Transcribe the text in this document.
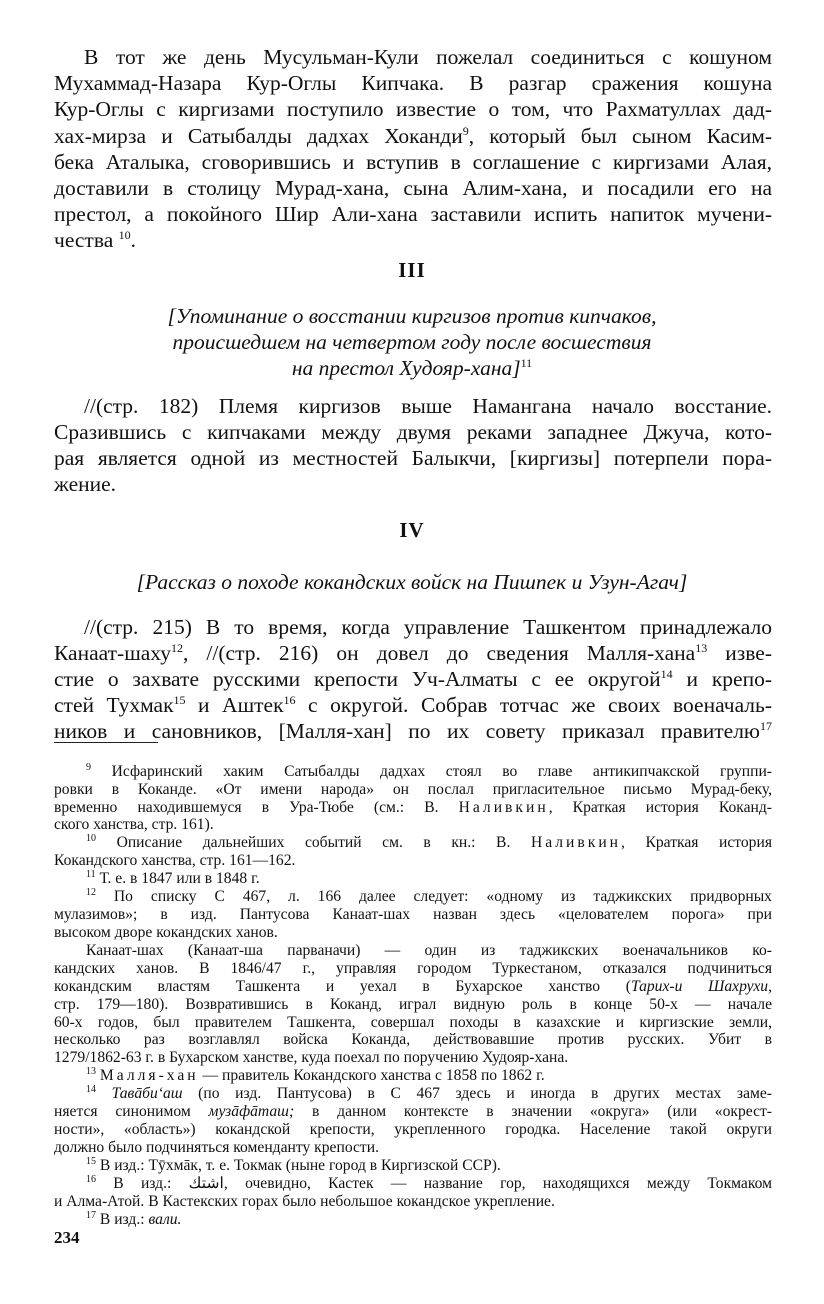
В тот же день Мусульман-Кули пожелал соединиться с кошуном
Мухаммад-Назара Кур-Оглы Кипчака. В разгар сражения кошуна
Кур-Оглы с киргизами поступило известие о том, что Рахматуллах дад-
хах-мирза и Сатыбалды дадхах Хоканди$^9$, который был сыном Касим-
бека Аталыка, сговорившись и вступив в соглашение с киргизами Алая,
доставили в столицу Мурад-хана, сына Алим-хана, и посадили его на
престол, а покойного Шир Али-хана заставили испить напиток мучени-
чества $^{10}$.
III
[Упоминание о восстании киргизов против кипчаков,
происшедшем на четвертом году после восшествия
на престол Худояр-хана]$^{11}$
//(стр. 182) Племя киргизов выше Намангана начало восстание.
Сразившись с кипчаками между двумя реками западнее Джуча, кото-
рая является одной из местностей Балыкчи, [киргизы] потерпели пора-
жение.
IV
[Рассказ о походе кокандских войск на Пишпек и Узун-Агач]
//(стр. 215) В то время, когда управление Ташкентом принадлежало
Канаат-шаху$^{12}$, //(стр. 216) он довел до сведения Малля-хана$^{13}$ изве-
стие о захвате русскими крепости Уч-Алматы с ее округой$^{14}$ и крепо-
стей Тухмак$^{15}$ и Аштек$^{16}$ с округой. Собрав тотчас же своих военачаль-
ников и сановников, [Малля-хан] по их совету приказал правителю$^{17}$
$^9$ Исфаринский хаким Сатыбалды дадхах стоял во главе антикипчакской группи-
ровки в Коканде. «От имени народа» он послал пригласительное письмо Мурад-беку,
временно находившемуся в Ура-Тюбе (см.: В. Наливкин, Краткая история Коканд-
ского ханства, стр. 161).
$^{10}$ Описание дальнейших событий см. в кн.: В. Наливкин, Краткая история
Кокандского ханства, стр. 161—162.
$^{11}$ Т. е. в 1847 или в 1848 г.
$^{12}$ По списку С 467, л. 166 далее следует: «одному из таджикских придворных
мулазимов»; в изд. Пантусова Канаат-шах назван здесь «целователем порога» при
высоком дворе кокандских ханов.
Канаат-шах (Канаат-ша парваначи) — один из таджикских военачальников ко-
кандских ханов. В 1846/47 г., управляя городом Туркестаном, отказался подчиниться
кокандским властям Ташкента и уехал в Бухарское ханство (Тарих-и Шахрухи,
стр. 179—180). Возвратившись в Коканд, играл видную роль в конце 50-х — начале
60-х годов, был правителем Ташкента, совершал походы в казахские и киргизские земли,
несколько раз возглавлял войска Коканда, действовавшие против русских. Убит в
1279/1862-63 г. в Бухарском ханстве, куда поехал по поручению Худояр-хана.
$^{13}$ Малля-хан — правитель Кокандского ханства с 1858 по 1862 г.
$^{14}$ Тавāби‘аш (по изд. Пантусова) в С 467 здесь и иногда в других местах заме-
няется синонимом музāфāташ; в данном контексте в значении «округа» (или «окрест-
ности», «область») кокандской крепости, укрепленного городка. Население такой округи
должно было подчиняться коменданту крепости.
$^{15}$ В изд.: Тӯхмāк, т. е. Токмак (ныне город в Киргизской ССР).
$^{16}$ В изд.: اشتك, очевидно, Кастек — название гор, находящихся между Токмаком
и Алма-Атой. В Кастекских горах было небольшое кокандское укрепление.
$^{17}$ В изд.: вали.
234
